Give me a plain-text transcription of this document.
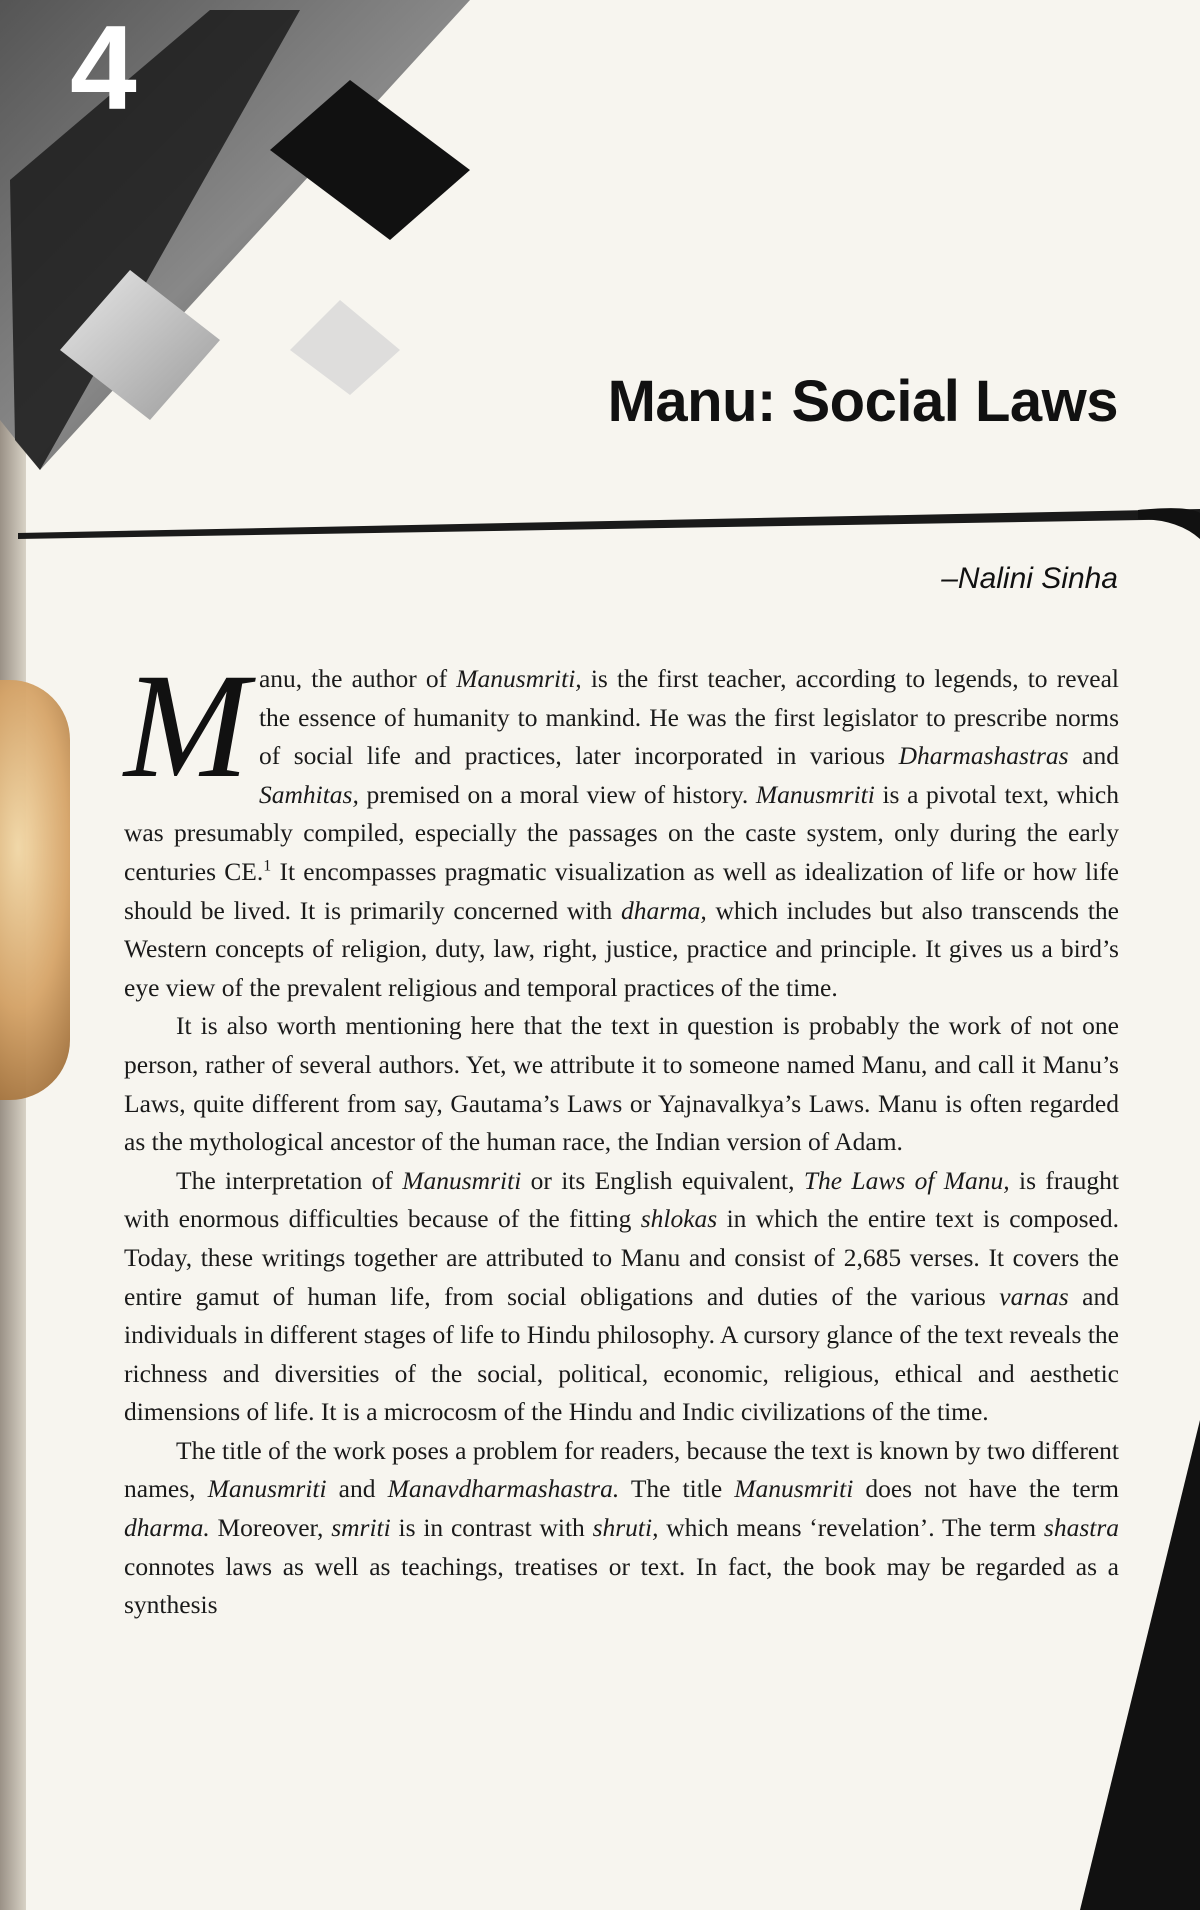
4
Manu: Social Laws
–Nalini Sinha

Manu, the author of Manusmriti, is the first teacher, according to legends, to reveal the essence of humanity to mankind. He was the first legislator to prescribe norms of social life and practices, later incorporated in various Dharmashastras and Samhitas, premised on a moral view of history. Manusmriti is a pivotal text, which was presumably compiled, especially the passages on the caste system, only during the early centuries CE.$^1$ It encompasses pragmatic visualization as well as idealization of life or how life should be lived. It is primarily concerned with dharma, which includes but also transcends the Western concepts of religion, duty, law, right, justice, practice and principle. It gives us a bird’s eye view of the prevalent religious and temporal practices of the time.

It is also worth mentioning here that the text in question is probably the work of not one person, rather of several authors. Yet, we attribute it to someone named Manu, and call it Manu’s Laws, quite different from say, Gautama’s Laws or Yajnavalkya’s Laws. Manu is often regarded as the mythological ancestor of the human race, the Indian version of Adam.

The interpretation of Manusmriti or its English equivalent, The Laws of Manu, is fraught with enormous difficulties because of the fitting shlokas in which the entire text is composed. Today, these writings together are attributed to Manu and consist of 2,685 verses. It covers the entire gamut of human life, from social obligations and duties of the various varnas and individuals in different stages of life to Hindu philosophy. A cursory glance of the text reveals the richness and diversities of the social, political, economic, religious, ethical and aesthetic dimensions of life. It is a microcosm of the Hindu and Indic civilizations of the time.

The title of the work poses a problem for readers, because the text is known by two different names, Manusmriti and Manavdharmashastra. The title Manusmriti does not have the term dharma. Moreover, smriti is in contrast with shruti, which means ‘revelation’. The term shastra connotes laws as well as teachings, treatises or text. In fact, the book may be regarded as a synthesis
